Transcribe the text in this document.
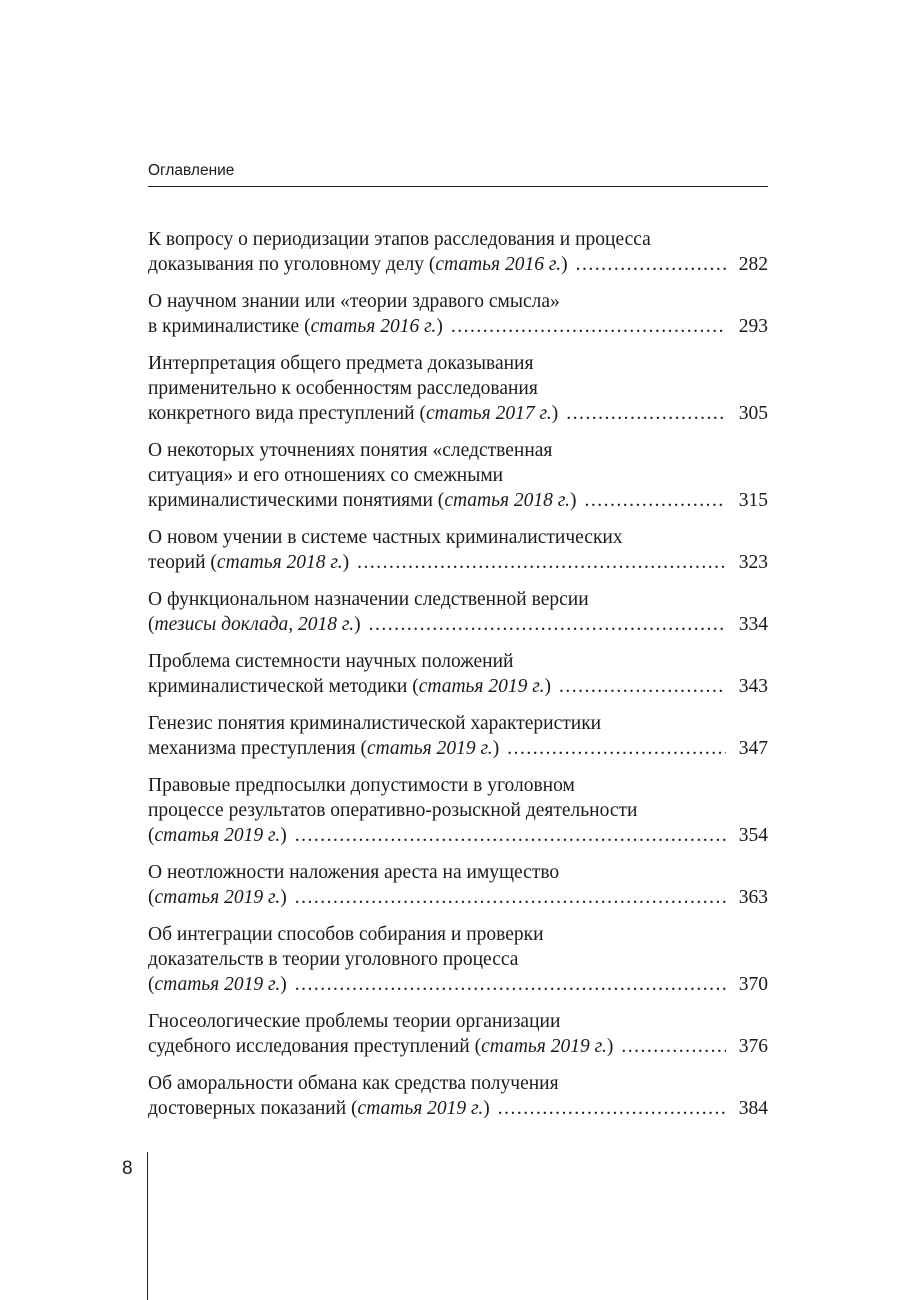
Оглавление
К вопросу о периодизации этапов расследования и процесса
доказывания по уголовному делу (статья 2016 г.) .....	282
О научном знании или «теории здравого смысла»
в криминалистике (статья 2016 г.) .....	293
Интерпретация общего предмета доказывания
применительно к особенностям расследования
конкретного вида преступлений (статья 2017 г.) .....	305
О некоторых уточнениях понятия «следственная
ситуация» и его отношениях со смежными
криминалистическими понятиями (статья 2018 г.) .....	315
О новом учении в системе частных криминалистических
теорий (статья 2018 г.) .....	323
О функциональном назначении следственной версии
(тезисы доклада, 2018 г.) .....	334
Проблема системности научных положений
криминалистической методики (статья 2019 г.) .....	343
Генезис понятия криминалистической характеристики
механизма преступления (статья 2019 г.) .....	347
Правовые предпосылки допустимости в уголовном
процессе результатов оперативно-розыскной деятельности
(статья 2019 г.) .....	354
О неотложности наложения ареста на имущество
(статья 2019 г.) .....	363
Об интеграции способов собирания и проверки
доказательств в теории уголовного процесса
(статья 2019 г.) .....	370
Гносеологические проблемы теории организации
судебного исследования преступлений (статья 2019 г.) .....	376
Об аморальности обмана как средства получения
достоверных показаний (статья 2019 г.) .....	384
8
